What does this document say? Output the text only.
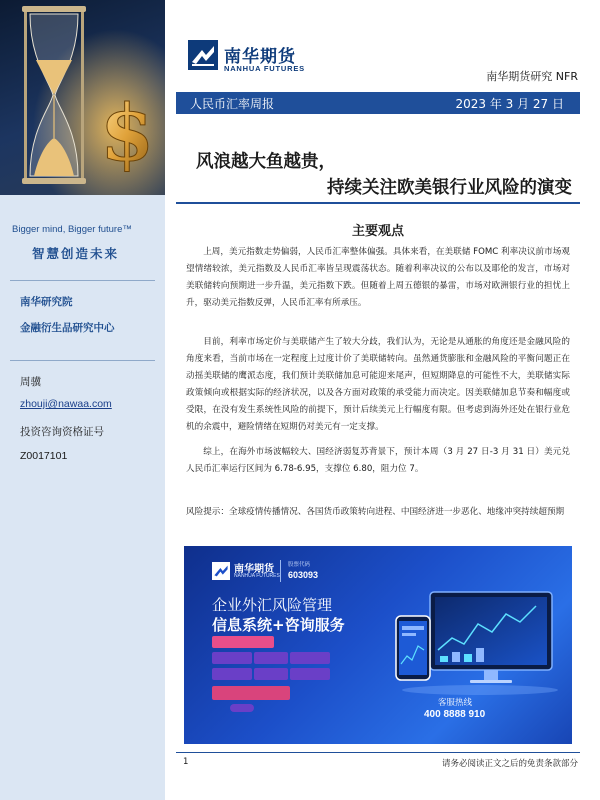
$
Bigger mind, Bigger future™
智慧创造未来
南华研究院
金融衍生品研究中心
周骥
zhouji@nawaa.com
投资咨询资格证号
Z0017101
南华期货
NANHUA FUTURES
南华期货研究 NFR
人民币汇率周报	2023 年 3 月 27 日
风浪越大鱼越贵，
持续关注欧美银行业风险的演变
主要观点

上周，美元指数走势偏弱，人民币汇率整体偏强。具体来看，在美联储 FOMC 利率决议前市场观望情绪较浓，美元指数及人民币汇率皆呈现震荡状态。随着利率决议的公布以及耶伦的发言，市场对美联储转向预期进一步升温，美元指数下跌。但随着上周五德银的暴雷，市场对欧洲银行业的担忧上升，驱动美元指数反弹，人民币汇率有所承压。

目前，利率市场定价与美联储产生了较大分歧，我们认为，无论是从通胀的角度还是金融风险的角度来看，当前市场在一定程度上过度计价了美联储转向。虽然通货膨胀和金融风险的平衡问题正在动摇美联储的鹰派态度，我们预计美联储加息可能迎来尾声，但短期降息的可能性不大，美联储实际政策倾向或根据实际的经济状况，以及各方面对政策的承受能力而决定。因美联储加息节奏和幅度或受限，在没有发生系统性风险的前提下，预计后续美元上行幅度有限。但考虑到海外还处在银行业危机的余震中，避险情绪在短期仍对美元有一定支撑。

综上，在海外市场波幅较大、国经济弱复苏背景下，预计本周（3 月 27 日-3 月 31 日）美元兑人民币汇率运行区间为 6.78-6.95，支撑位 6.80，阻力位 7。

风险提示：全球疫情传播情况、各国货币政策转向进程、中国经济进一步恶化、地缘冲突持续超预期

南华期货
NANHUA FUTURES
股票代码
603093
企业外汇风险管理
信息系统+咨询服务
客服热线
400 8888 910
1	请务必阅读正文之后的免责条款部分
